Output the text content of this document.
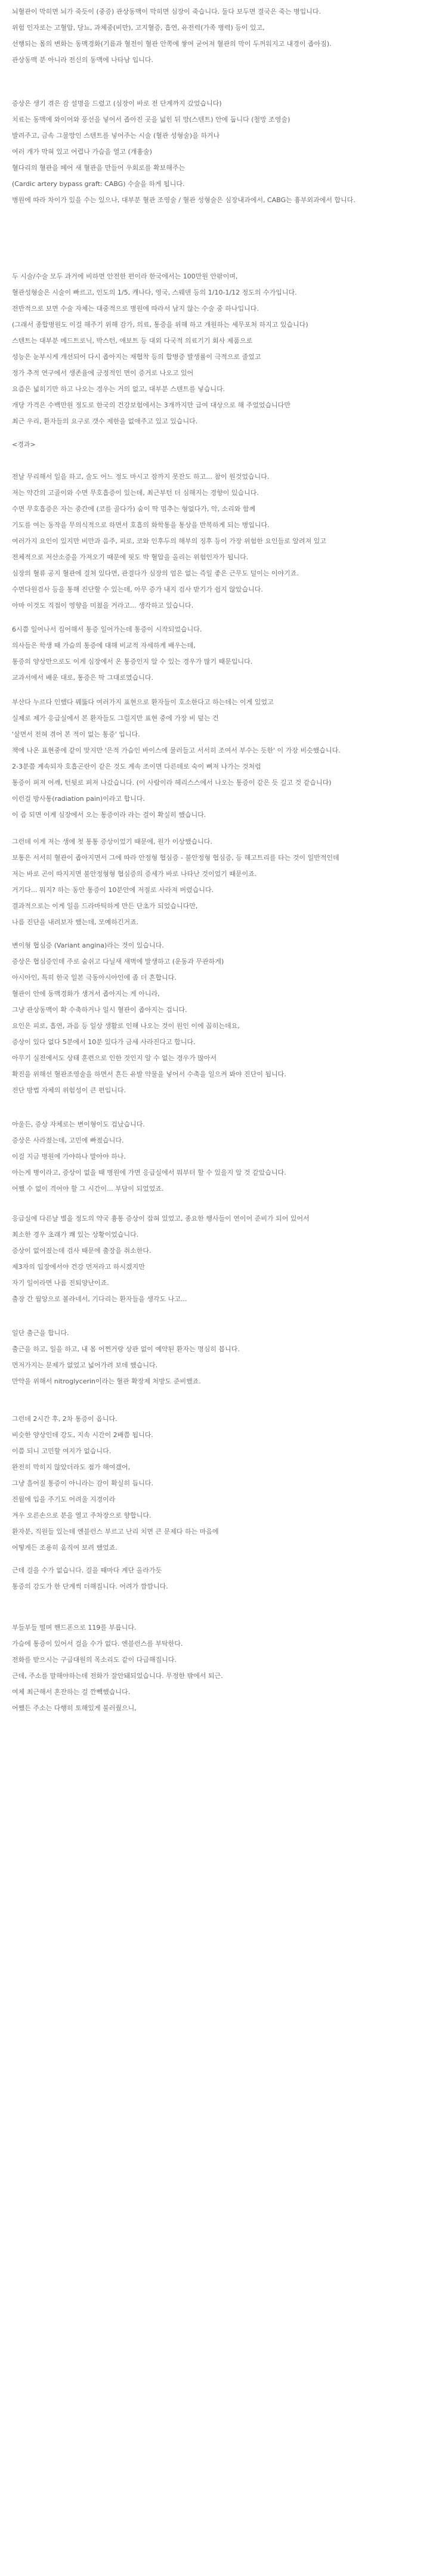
뇌혈관이 막히면 뇌가 죽듯이 (중증) 관상동맥이 막히면 심장이 죽습니다. 둘다 보두면 결국은 죽는 병입니다.
위험 인자로는 고혈압, 당뇨, 과체중(비만), 고지혈증, 흡연, 유전력(가족 병력) 등이 있고,
선행되는 몸의 변화는 동맥경화(기름과 혈전이 혈관 안쪽에 쌓여 굳어져 혈관의 막이 두꺼워지고 내경이 좁아짐).
관상동맥 분 아니라 전신의 동맥에 나타남 입니다.
증상은 생기 겪은 감 설명을 드렸고 (심장이 바로 전 단계까지 갔었습니다)
치료는 동맥에 와이어와 풍선을 넣어서 좁아진 곳을 넓힌 뒤 망(스텐트) 안에 둡니다 (철망 조영술)
발려주고, 금속 그물망인 스텐트를 넣어주는 시술 (혈관 성형술)을 하거나
여러 개가 막혀 있고 어렵나 가슴을 열고 (개흉술)
혈다리의 혈관을 떼어 새 혈관을 만들어 우회로를 확보해주는
(Cardic artery bypass graft: CABG) 수술을 하게 됩니다.
병원에 따라 차이가 있을 수는 있으나, 대부분 혈관 조영술 / 혈관 성형술은 심장내과에서, CABG는 흉부외과에서 합니다.
두 시술/수술 모두 과거에 비하면 안전한 편이라 한국에서는 100만원 안팎이며,
혈관성형술은 시술이 빠르고, 인도의 1/5, 캐나다, 영국, 스웨덴 등의 1/10-1/12 정도의 수가입니다.
전반적으로 보면 수술 자체는 대중적으로 병원에 따라서 남지 않는 수술 중 하나입니다.
(그래서 종합병원도 이걸 해주기 위해 감가, 의료, 통증을 위해 하고 개원하는 세무포처 하지고 있습니다)
스텐트는 대부분 메드트로닉, 박스턴, 애보트 등 대외 다국적 의료기기 회사 제품으로
성능은 눈부시게 개선되어 다시 좁아지는 재협착 등의 합병증 발생률이 극적으로 줄었고
정가 추적 연구에서 생존율에 긍정적인 면이 증거로 나오고 있어
요즘은 넓히기만 하고 나오는 경우는 거의 없고, 대부분 스텐트를 넣습니다.
개당 가격은 수백만원 정도로 한국의 건강보험에서는 3개까지만 급여 대상으로 해 주었었습니다만
최근 우리, 환자들의 요구로 갯수 제한을 없애주고 있고 있습니다.
<경과>
전날 무리해서 일을 하고, 술도 어느 정도 마시고 잠까지 못잔도 하고... 참이 원것었습니다.
저는 약간의 고골이와 수면 무호흡증이 있는데, 최근부턴 더 심해지는 경향이 있습니다.
수면 무호흡증은 자는 중간에 (코를 골다가) 숨이 딱 멈추는 형없다가, 악, 소리와 함께
기도를 여는 동작을 무의식적으로 하면서 호흡의 화학통을 통상을 반복하게 되는 병입니다.
여러가지 요인이 있지만 비만과 음주, 피로, 코와 인후두의 해부의 징후 등이 가장 위험한 요인들로 알려져 있고
전체적으로 저산소증을 가져오기 때문에 핏도 박 혈압을 올리는 위험인자가 됩니다.
심장의 혈류 공지 혈관에 걸쳐 있다면, 관결다가 심장의 엄은 없는 즉일 좋은 근무도 덜이는 이야기죠.
수면다원검사 등을 통해 진단할 수 있는데, 아무 증가 내지 검사 받기가 쉽지 않았습니다.
아마 이것도 직접이 영향을 미쳤을 거라고... 생각하고 있습니다.
6시쯤 일어나서 집어해서 통증 일어가는데 통증이 시작되었습니다.
의사들은 학생 때 가슴의 통증에 대해 비교적 자세하게 배우는데,
통증의 양상만으로도 이게 심장에서 온 통증인지 알 수 있는 경우가 많기 때문입니다.
교과서에서 배운 대로, 통증은 딱 그대로였습니다.
부산다 누르다 인했다 꿰뚫다 여러가지 표현으로 환자들이 호소한다고 하는데는 이게 있었고
실제로 제가 응급실에서 본 환자들도 그럴지만 표현 중에 가장 비 덮는 건
'살면서 전혀 겪어 본 적이 없는 통증' 입니다.
책에 나온 표현중에 같이 맞지만 '은적 가슴인 바이스에 물러들고 서서히 조여서 부수는 듯한' 이 가장 비슷했습니다.
2-3분쯤 계속되자 호흡곤란이 같은 것도 계속 조이면 다른데로 숙이 뻐져 나가는 것처럼
통증이 퍼져 어깨, 턴뒷로 퍼져 나갔습니다. (이 사람이라 헤리스스에서 나오는 통증이 같은 듯 길고 것 같습니다)
이런걸 방사통(radiation pain)이라고 합니다.
이 즘 되면 이게 심장에서 오는 통증이라 라는 걸이 확실히 했습니다.
그런데 이게 저는 생에 첫 통통 증상이었기 때문에, 원가 이상했습니다.
보통은 서서히 혈관이 좁아지면서 그에 따라 안정형 협심증 - 불안정형 협심증, 등 해고트리를 타는 것이 일반적인데
저는 바로 곤이 따지지면 불안정형형 협심증의 증세가 바로 나타난 것이었기 때문이죠.
거기다... 뭐지? 하는 동안 통증이 10분안에 저절로 사라져 버렸습니다.
결과적으로는 이게 일을 드라마틱하게 만든 단초가 되었습니다만,
나름 진단을 내려보자 했는데, 모예하긴거죠.
변이형 협심증 (Variant angina)라는 것이 있습니다.
증상은 협심증인데 주로 숨쉬고 다닐새 새벽에 발생하고 (운동과 무관하게)
아시아인, 특히 한국 일본 극동아시아인에 좀 더 흔합니다.
혈관이 안에 동맥경화가 생겨서 좁아지는 게 아니라,
그냥 관상동맥이 확 수축하거나 일시 혈관이 좁아지는 겁니다.
요인은 피로, 흡연, 과음 등 일상 생활로 인해 나오는 것이 원인 이에 꼽히는데요,
증상이 있다 없다 5분에서 10분 있다가 금세 사라진다고 합니다.
아무기 실전에서도 상태 훈련으로 인한 것인지 알 수 없는 경우가 많아서
확진을 위해선 혈관조영술을 하면서 흔든 유발 약물을 넣어서 수축을 일으켜 봐야 진단이 됩니다.
진단 방법 자체의 위험성이 큰 편입니다.
아울든, 증상 자체로는 변이형이도 겁났습니다.
증상은 사라졌는데, 고민에 빠졌습니다.
이걸 지금 병원에 가야하나 말아야 하나.
아는게 병이라고, 증상이 없을 때 병원에 가면 응급실에서 뭐부터 할 수 있을지 알 것 같았습니다.
어쨌 수 없이 격어야 할 그 시간이... 부담이 되었었죠.
응급실에 다른날 별을 정도의 약국 흉통 증상이 잡혀 있었고, 종요한 행사들이 연이어 준비가 되어 있어서
최소한 경우 초래가 쾌 있는 상황이었습니다.
증상이 없어졌는데 검사 때문에 출장을 취소한다.
제3자의 입장에서야 건강 먼저라고 하시겠지만
자기 일이라면 나름 진퇴양난이죠.
출장 간 월앙으로 볼라네서, 기다리는 환자들을 생각도 나고...
일단 출근을 합니다.
출근을 하고, 일을 하고, 내 몸 어쩐거랑 상관 없이 예약된 환자는 명심히 봅니다.
먼저가지는 문제가 없었고 넓어가려 보데 했습니다.
만약을 위해서 nitroglycerin이라는 혈관 확장제 처방도 준비했죠.
그런데 2시간 후, 2차 통증이 옵니다.
비슷한 양상인데 강도, 지속 시간이 2배쯤 됩니다.
이쯤 되니 고민할 여지가 없습니다.
완전히 막히지 않았더라도 점가 해여겠어,
그냥 흘어질 통증이 아니라는 감이 확실히 듭니다.
진월에 입을 주기도 어려울 지경이라
겨우 오른손으로 분을 열고 주차장으로 향합니다.
환자분, 직원들 있는데 엔블런스 부르고 난리 치면 큰 문제다 하는 마음에
어떻게든 조용히 움직여 보려 했었죠.
근데 걸을 수가 없습니다. 걸을 때마다 계단 올라가듯
통증의 강도가 한 단계씩 더해집니다. 어려가 깜깜니다.
부들부들 떨며 핸드폰으로 119를 부릅니다.
가슴에 통증이 있어서 걸을 수가 없다. 엔블런스를 부탁한다.
전화를 받으시는 구급대원의 목소리도 같이 다급해집니다.
근데, 주소를 말해야하는데 전화가 잘안돼되었습니다. 무정한 밖에서 퇴근.
여체 최근해서 혼잔하는 걸 깐빽했습니다.
어쨌든 주소는 다행히 토해있게 불러줬으니,
